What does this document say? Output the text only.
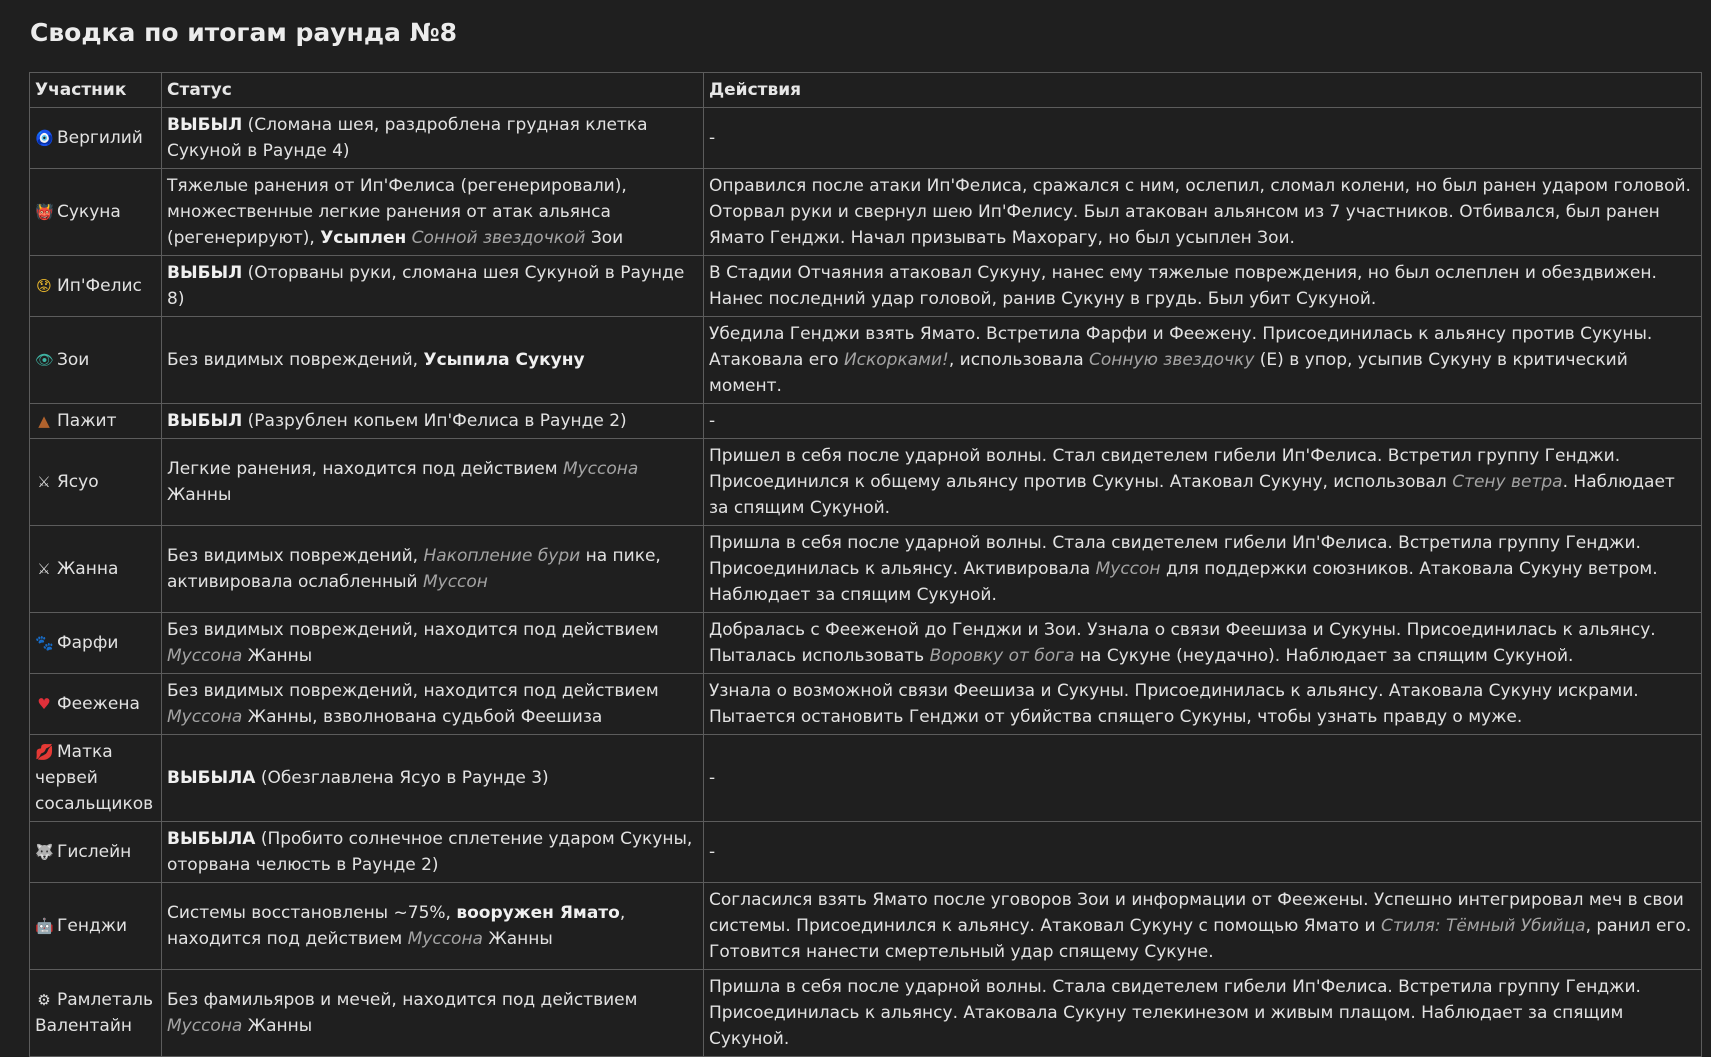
Сводка по итогам раунда №8
Участник	Статус	Действия
🧿 Вергилий	ВЫБЫЛ (Сломана шея, раздроблена грудная клетка Сукуной в Раунде 4)	-
👹 Сукуна	Тяжелые ранения от Ип'Фелиса (регенерировали), множественные легкие ранения от атак альянса (регенерируют), Усыплен Сонной звездочкой Зои	Оправился после атаки Ип'Фелиса, сражался с ним, ослепил, сломал колени, но был ранен ударом головой. Оторвал руки и свернул шею Ип'Фелису. Был атакован альянсом из 7 участников. Отбивался, был ранен Ямато Генджи. Начал призывать Махорагу, но был усыплен Зои.
😟 Ип'Фелис	ВЫБЫЛ (Оторваны руки, сломана шея Сукуной в Раунде 8)	В Стадии Отчаяния атаковал Сукуну, нанес ему тяжелые повреждения, но был ослеплен и обездвижен. Нанес последний удар головой, ранив Сукуну в грудь. Был убит Сукуной.
👁 Зои	Без видимых повреждений, Усыпила Сукуну	Убедила Генджи взять Ямато. Встретила Фарфи и Феежену. Присоединилась к альянсу против Сукуны. Атаковала его Искорками!, использовала Сонную звездочку (E) в упор, усыпив Сукуну в критический момент.
▲ Пажит	ВЫБЫЛ (Разрублен копьем Ип'Фелиса в Раунде 2)	-
⚔ Ясуо	Легкие ранения, находится под действием Муссона Жанны	Пришел в себя после ударной волны. Стал свидетелем гибели Ип'Фелиса. Встретил группу Генджи. Присоединился к общему альянсу против Сукуны. Атаковал Сукуну, использовал Стену ветра. Наблюдает за спящим Сукуной.
⚔ Жанна	Без видимых повреждений, Накопление бури на пике, активировала ослабленный Муссон	Пришла в себя после ударной волны. Стала свидетелем гибели Ип'Фелиса. Встретила группу Генджи. Присоединилась к альянсу. Активировала Муссон для поддержки союзников. Атаковала Сукуну ветром. Наблюдает за спящим Сукуной.
🐾 Фарфи	Без видимых повреждений, находится под действием Муссона Жанны	Добралась с Фееженой до Генджи и Зои. Узнала о связи Феешиза и Сукуны. Присоединилась к альянсу. Пыталась использовать Воровку от бога на Сукуне (неудачно). Наблюдает за спящим Сукуной.
♥ Феежена	Без видимых повреждений, находится под действием Муссона Жанны, взволнована судьбой Феешиза	Узнала о возможной связи Феешиза и Сукуны. Присоединилась к альянсу. Атаковала Сукуну искрами. Пытается остановить Генджи от убийства спящего Сукуны, чтобы узнать правду о муже.
💋 Матка червей сосальщиков	ВЫБЫЛА (Обезглавлена Ясуо в Раунде 3)	-
🐺 Гислейн	ВЫБЫЛА (Пробито солнечное сплетение ударом Сукуны, оторвана челюсть в Раунде 2)	-
🤖 Генджи	Системы восстановлены ~75%, вооружен Ямато, находится под действием Муссона Жанны	Согласился взять Ямато после уговоров Зои и информации от Феежены. Успешно интегрировал меч в свои системы. Присоединился к альянсу. Атаковал Сукуну с помощью Ямато и Стиля: Тёмный Убийца, ранил его. Готовится нанести смертельный удар спящему Сукуне.
⚙ Рамлеталь Валентайн	Без фамильяров и мечей, находится под действием Муссона Жанны	Пришла в себя после ударной волны. Стала свидетелем гибели Ип'Фелиса. Встретила группу Генджи. Присоединилась к альянсу. Атаковала Сукуну телекинезом и живым плащом. Наблюдает за спящим Сукуной.
